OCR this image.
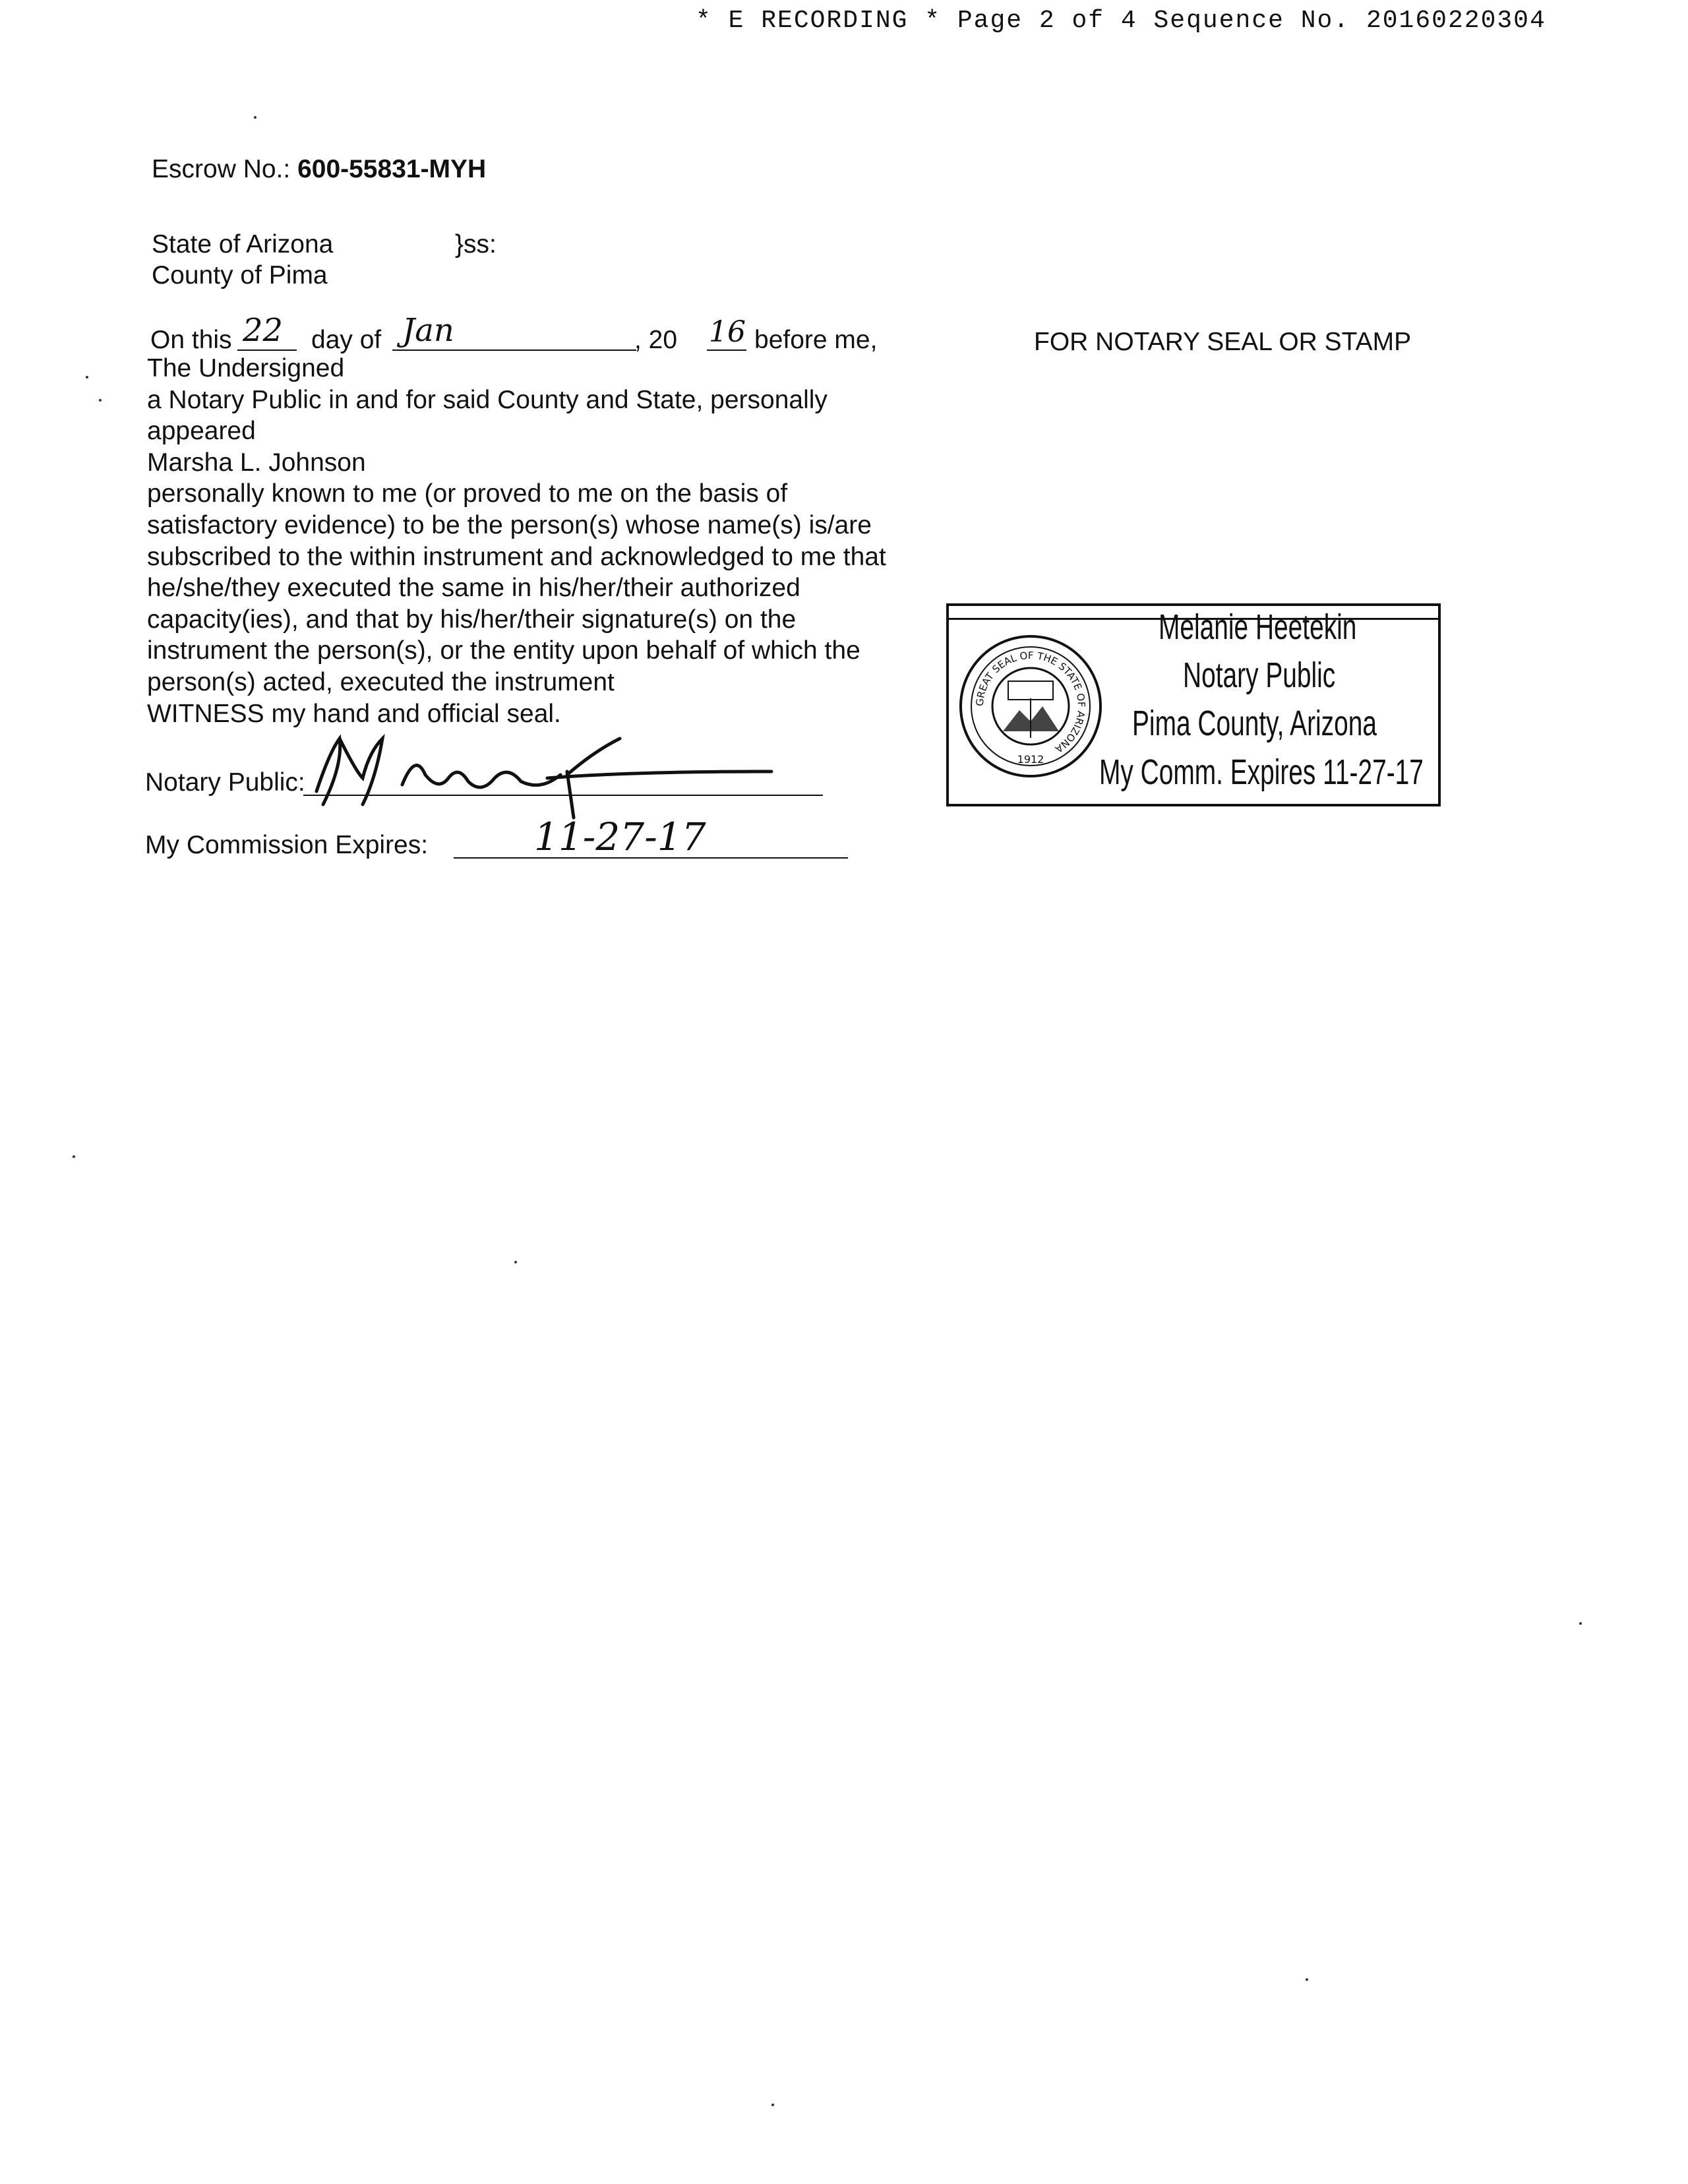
* E RECORDING * Page 2 of 4 Sequence No. 20160220304
Escrow No.: 600-55831-MYH
State of Arizona	}ss:
County of Pima
On this 22 day of Jan	, 20 16 before me,
The Undersigned
a Notary Public in and for said County and State, personally
appeared
Marsha L. Johnson
personally known to me (or proved to me on the basis of
satisfactory evidence) to be the person(s) whose name(s) is/are
subscribed to the within instrument and acknowledged to me that
he/she/they executed the same in his/her/their authorized
capacity(ies), and that by his/her/their signature(s) on the
instrument the person(s), or the entity upon behalf of which the
person(s) acted, executed the instrument
WITNESS my hand and official seal.
Notary Public:
My Commission Expires:	11-27-17
FOR NOTARY SEAL OR STAMP
GREAT SEAL OF THE STATE OF ARIZONA
1912
Melanie Heetekin
Notary Public
Pima County, Arizona
My Comm. Expires 11-27-17
